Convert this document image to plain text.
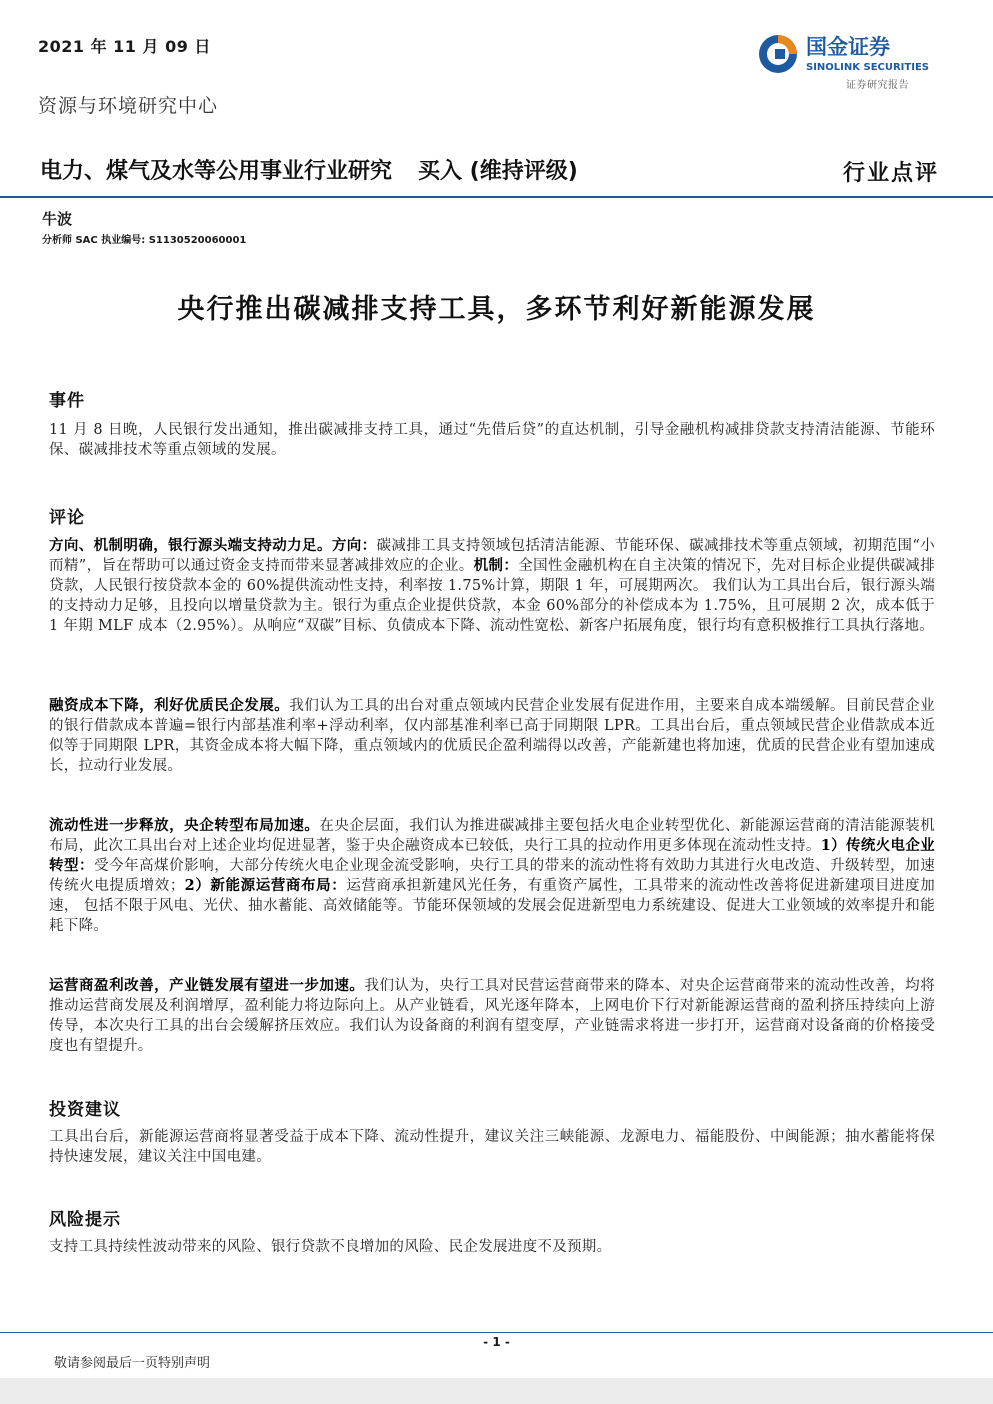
2021 年 11 月 09 日
资源与环境研究中心
国金证券
SINOLINK SECURITIES
证券研究报告
电力、煤气及水等公用事业行业研究 买入 (维持评级)	行业点评
牛波
分析师 SAC 执业编号: S1130520060001
央行推出碳减排支持工具，多环节利好新能源发展
事件
11 月 8 日晚，人民银行发出通知，推出碳减排支持工具，通过“先借后贷”的直达机制，引导金融机构减排贷款支持清洁能源、节能环保、碳减排技术等重点领域的发展。
评论
方向、机制明确，银行源头端支持动力足。方向：碳减排工具支持领域包括清洁能源、节能环保、碳减排技术等重点领域，初期范围“小而精”，旨在帮助可以通过资金支持而带来显著减排效应的企业。机制：全国性金融机构在自主决策的情况下，先对目标企业提供碳减排贷款，人民银行按贷款本金的 60%提供流动性支持，利率按 1.75%计算，期限 1 年，可展期两次。 我们认为工具出台后，银行源头端的支持动力足够，且投向以增量贷款为主。银行为重点企业提供贷款，本金 60%部分的补偿成本为 1.75%，且可展期 2 次，成本低于 1 年期 MLF 成本（2.95%）。从响应“双碳”目标、负债成本下降、流动性宽松、新客户拓展角度，银行均有意积极推行工具执行落地。
融资成本下降，利好优质民企发展。我们认为工具的出台对重点领域内民营企业发展有促进作用，主要来自成本端缓解。目前民营企业的银行借款成本普遍=银行内部基准利率+浮动利率，仅内部基准利率已高于同期限 LPR。工具出台后，重点领域民营企业借款成本近似等于同期限 LPR，其资金成本将大幅下降，重点领域内的优质民企盈利端得以改善，产能新建也将加速，优质的民营企业有望加速成长，拉动行业发展。
流动性进一步释放，央企转型布局加速。在央企层面，我们认为推进碳减排主要包括火电企业转型优化、新能源运营商的清洁能源装机布局，此次工具出台对上述企业均促进显著，鉴于央企融资成本已较低，央行工具的拉动作用更多体现在流动性支持。1）传统火电企业转型：受今年高煤价影响，大部分传统火电企业现金流受影响，央行工具的带来的流动性将有效助力其进行火电改造、升级转型，加速传统火电提质增效；2）新能源运营商布局：运营商承担新建风光任务，有重资产属性，工具带来的流动性改善将促进新建项目进度加速， 包括不限于风电、光伏、抽水蓄能、高效储能等。节能环保领域的发展会促进新型电力系统建设、促进大工业领域的效率提升和能耗下降。
运营商盈利改善，产业链发展有望进一步加速。我们认为，央行工具对民营运营商带来的降本、对央企运营商带来的流动性改善，均将推动运营商发展及利润增厚，盈利能力将边际向上。从产业链看，风光逐年降本，上网电价下行对新能源运营商的盈利挤压持续向上游传导，本次央行工具的出台会缓解挤压效应。我们认为设备商的利润有望变厚，产业链需求将进一步打开，运营商对设备商的价格接受度也有望提升。
投资建议
工具出台后，新能源运营商将显著受益于成本下降、流动性提升，建议关注三峡能源、龙源电力、福能股份、中闽能源；抽水蓄能将保持快速发展，建议关注中国电建。
风险提示
支持工具持续性波动带来的风险、银行贷款不良增加的风险、民企发展进度不及预期。
- 1 -
敬请参阅最后一页特别声明
